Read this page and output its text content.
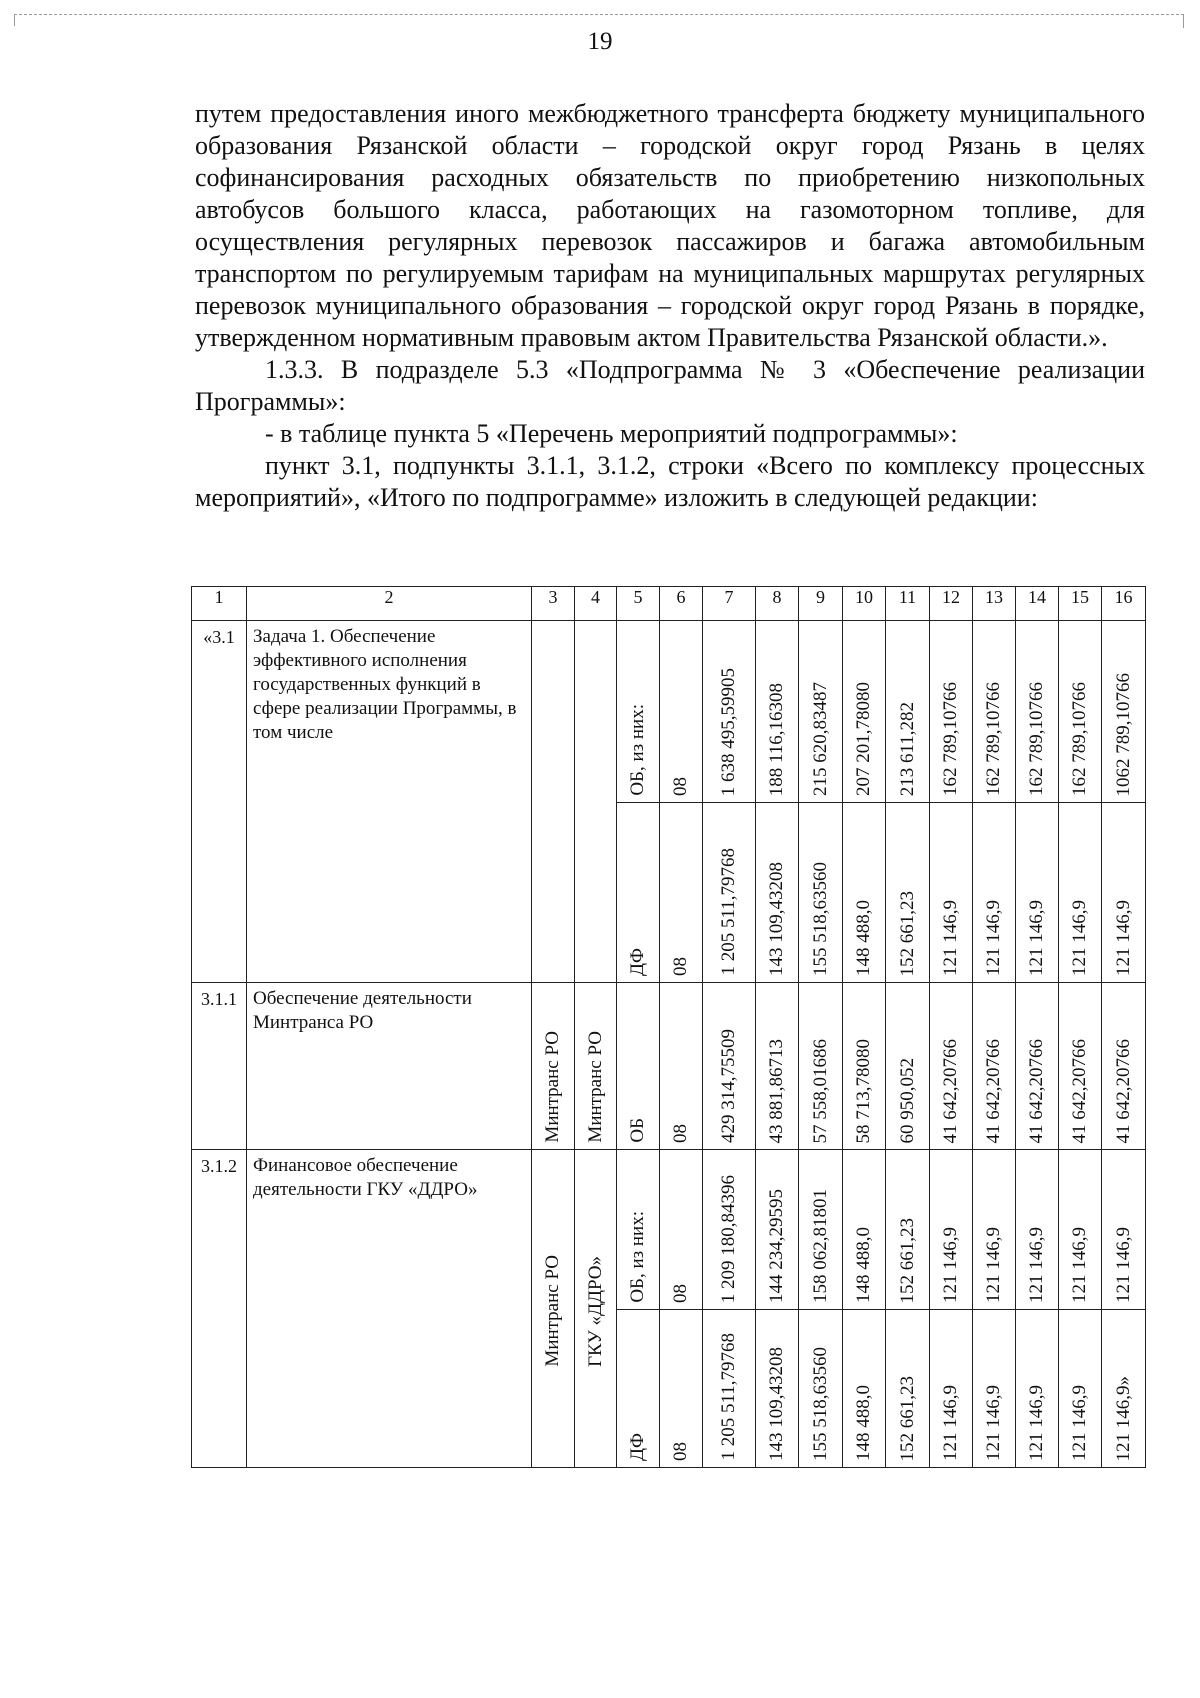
19

путем предоставления иного межбюджетного трансферта бюджету муниципального образования Рязанской области – городской округ город Рязань в целях софинансирования расходных обязательств по приобретению низкопольных автобусов большого класса, работающих на газомоторном топливе, для осуществления регулярных перевозок пассажиров и багажа автомобильным транспортом по регулируемым тарифам на муниципальных маршрутах регулярных перевозок муниципального образования – городской округ город Рязань в порядке, утвержденном нормативным правовым актом Правительства Рязанской области.».

1.3.3. В подразделе 5.3 «Подпрограмма № 3 «Обеспечение реализации Программы»:

- в таблице пункта 5 «Перечень мероприятий подпрограммы»:

пункт 3.1, подпункты 3.1.1, 3.1.2, строки «Всего по комплексу процессных мероприятий», «Итого по подпрограмме» изложить в следующей редакции:

1	2	3	4	5	6	7	8	9	10	11	12	13	14	15	16
«3.1	Задача 1. Обеспечение эффективного исполнения государственных функций в сфере реализации Программы, в том числе			ОБ, из них:	08	1 638 495,59905	188 116,16308	215 620,83487	207 201,78080	213 611,282	162 789,10766	162 789,10766	162 789,10766	162 789,10766	1062 789,10766

				ДФ	08	1 205 511,79768	143 109,43208	155 518,63560	148 488,0	152 661,23	121 146,9	121 146,9	121 146,9	121 146,9	121 146,9

3.1.1	Обеспечение деятельности Минтранса РО	Минтранс РО	Минтранс РО	ОБ	08	429 314,75509	43 881,86713	57 558,01686	58 713,78080	60 950,052	41 642,20766	41 642,20766	41 642,20766	41 642,20766	41 642,20766

3.1.2	Финансовое обеспечение деятельности ГКУ «ДДРО»	Минтранс РО	ГКУ «ДДРО»	ОБ, из них:	08	1 209 180,84396	144 234,29595	158 062,81801	148 488,0	152 661,23	121 146,9	121 146,9	121 146,9	121 146,9	121 146,9

				ДФ	08	1 205 511,79768	143 109,43208	155 518,63560	148 488,0	152 661,23	121 146,9	121 146,9	121 146,9	121 146,9	121 146,9»
